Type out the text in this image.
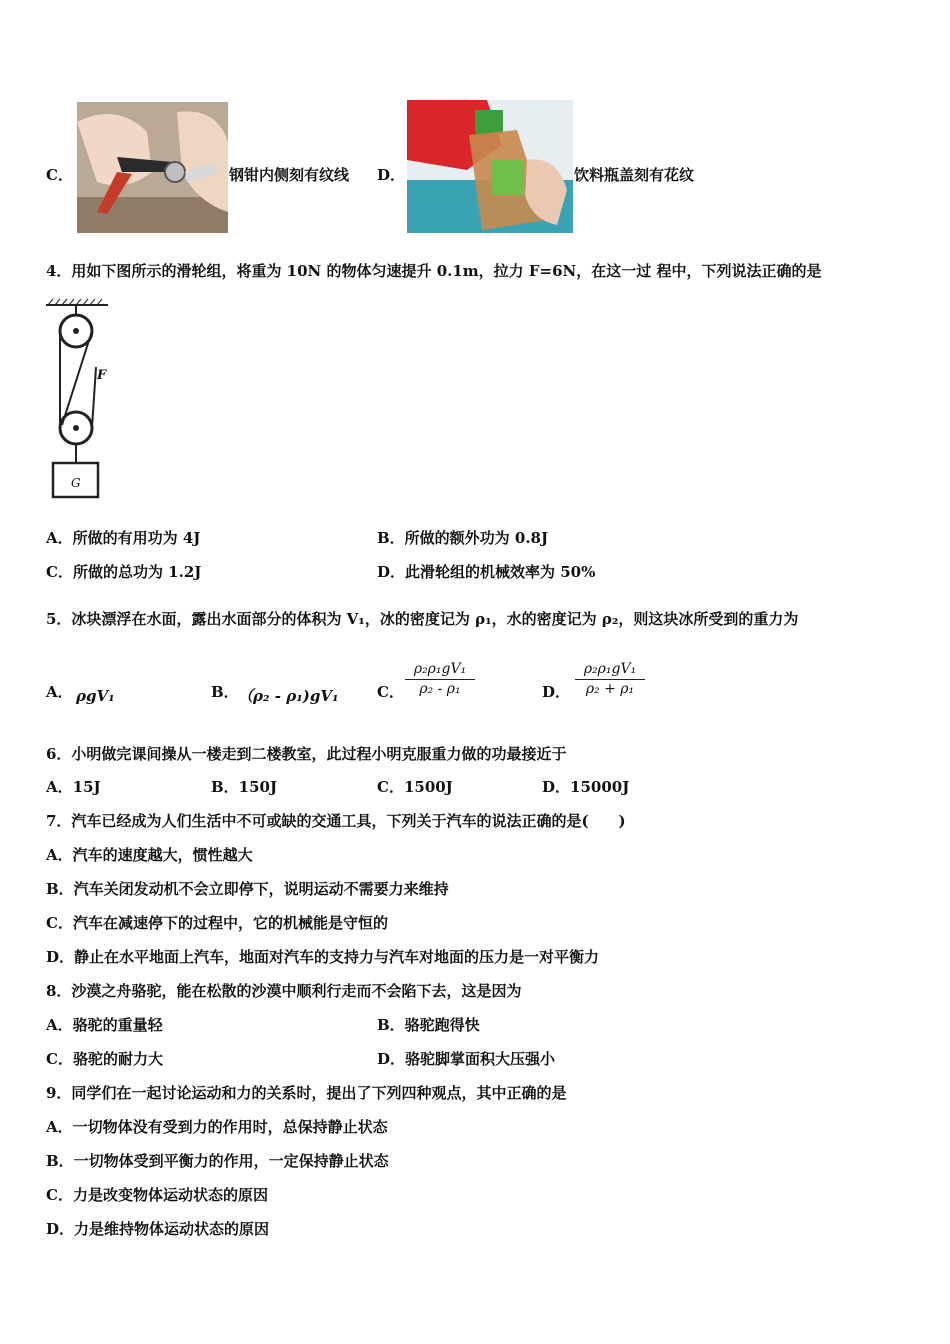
C．	钢钳内侧刻有纹线 D．	饮料瓶盖刻有花纹
4．用如下图所示的滑轮组，将重为 10N 的物体匀速提升 0.1m，拉力 F=6N，在这一过 程中，下列说法正确的是
F
G
A．所做的有用功为 4J	B．所做的额外功为 0.8J
C．所做的总功为 1.2J	D．此滑轮组的机械效率为 50%
5．冰块漂浮在水面，露出水面部分的体积为 V₁，冰的密度记为 ρ₁，水的密度记为 ρ₂，则这块冰所受到的重力为
A． ρgV₁	B． （ρ₂ - ρ₁)gV₁	C． $\frac{\text{ρ₂ρ₁gV₁}}{\text{ρ₂ - ρ₁}}$	D． $\frac{\text{ρ₂ρ₁gV₁}}{\text{ρ₂ + ρ₁}}$
6．小明做完课间操从一楼走到二楼教室，此过程小明克服重力做的功最接近于
A．15J	B．150J	C．1500J	D．15000J
7．汽车已经成为人们生活中不可或缺的交通工具，下列关于汽车的说法正确的是(　　)
A．汽车的速度越大，惯性越大
B．汽车关闭发动机不会立即停下，说明运动不需要力来维持
C．汽车在减速停下的过程中，它的机械能是守恒的
D．静止在水平地面上汽车，地面对汽车的支持力与汽车对地面的压力是一对平衡力
8．沙漠之舟骆驼，能在松散的沙漠中顺利行走而不会陷下去，这是因为
A．骆驼的重量轻	B．骆驼跑得快
C．骆驼的耐力大	D．骆驼脚掌面积大压强小
9．同学们在一起讨论运动和力的关系时，提出了下列四种观点，其中正确的是
A．一切物体没有受到力的作用时，总保持静止状态
B．一切物体受到平衡力的作用，一定保持静止状态
C．力是改变物体运动状态的原因
D．力是维持物体运动状态的原因
